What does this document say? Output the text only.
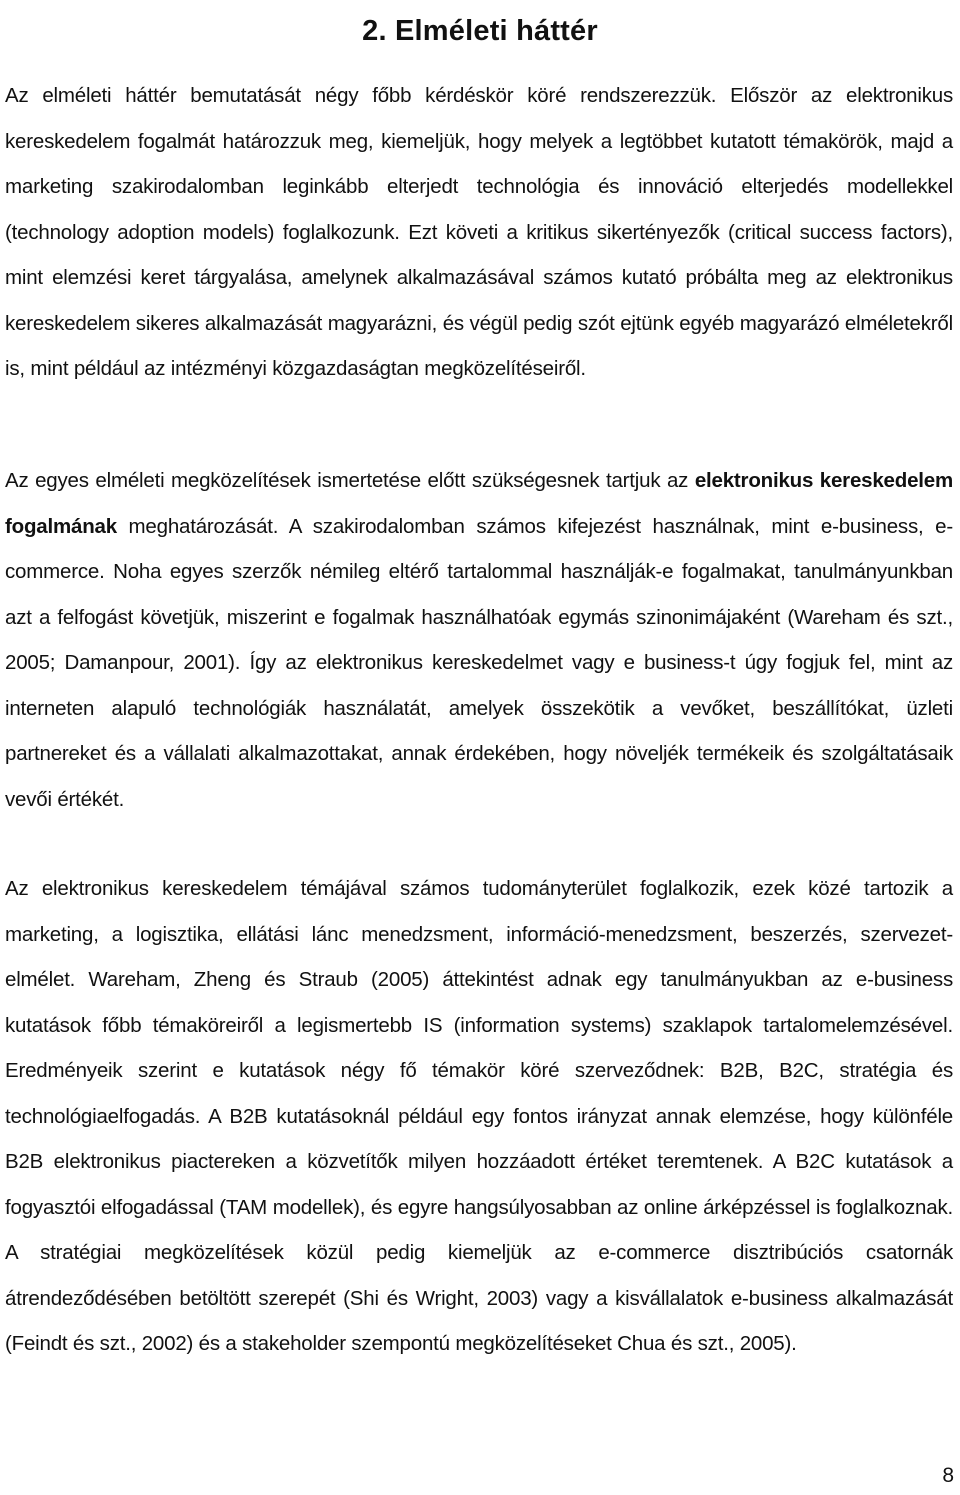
2. Elméleti háttér

Az elméleti háttér bemutatását négy főbb kérdéskör köré rendszerezzük. Először az elektronikus kereskedelem fogalmát határozzuk meg, kiemeljük, hogy melyek a legtöbbet kutatott témakörök, majd a marketing szakirodalomban leginkább elterjedt technológia és innováció elterjedés modellekkel (technology adoption models) foglalkozunk. Ezt követi a kritikus sikertényezők (critical success factors), mint elemzési keret tárgyalása, amelynek alkalmazásával számos kutató próbálta meg az elektronikus kereskedelem sikeres alkalmazását magyarázni, és végül pedig szót ejtünk egyéb magyarázó elméletekről is, mint például az intézményi közgazdaságtan megközelítéseiről.

Az egyes elméleti megközelítések ismertetése előtt szükségesnek tartjuk az elektronikus kereskedelem fogalmának meghatározását. A szakirodalomban számos kifejezést használnak, mint e-business, e-commerce. Noha egyes szerzők némileg eltérő tartalommal használják-e fogalmakat, tanulmányunkban azt a felfogást követjük, miszerint e fogalmak használhatóak egymás szinonimájaként (Wareham és szt., 2005; Damanpour, 2001). Így az elektronikus kereskedelmet vagy e business-t úgy fogjuk fel, mint az interneten alapuló technológiák használatát, amelyek összekötik a vevőket, beszállítókat, üzleti partnereket és a vállalati alkalmazottakat, annak érdekében, hogy növeljék termékeik és szolgáltatásaik vevői értékét.

Az elektronikus kereskedelem témájával számos tudományterület foglalkozik, ezek közé tartozik a marketing, a logisztika, ellátási lánc menedzsment, információ-menedzsment, beszerzés, szervezet-elmélet. Wareham, Zheng és Straub (2005) áttekintést adnak egy tanulmányukban az e-business kutatások főbb témaköreiről a legismertebb IS (information systems) szaklapok tartalomelemzésével. Eredményeik szerint e kutatások négy fő témakör köré szerveződnek: B2B, B2C, stratégia és technológiaelfogadás. A B2B kutatásoknál például egy fontos irányzat annak elemzése, hogy különféle B2B elektronikus piactereken a közvetítők milyen hozzáadott értéket teremtenek. A B2C kutatások a fogyasztói elfogadással (TAM modellek), és egyre hangsúlyosabban az online árképzéssel is foglalkoznak. A stratégiai megközelítések közül pedig kiemeljük az e-commerce disztribúciós csatornák átrendeződésében betöltött szerepét (Shi és Wright, 2003) vagy a kisvállalatok e-business alkalmazását (Feindt és szt., 2002) és a stakeholder szempontú megközelítéseket Chua és szt., 2005).

8
